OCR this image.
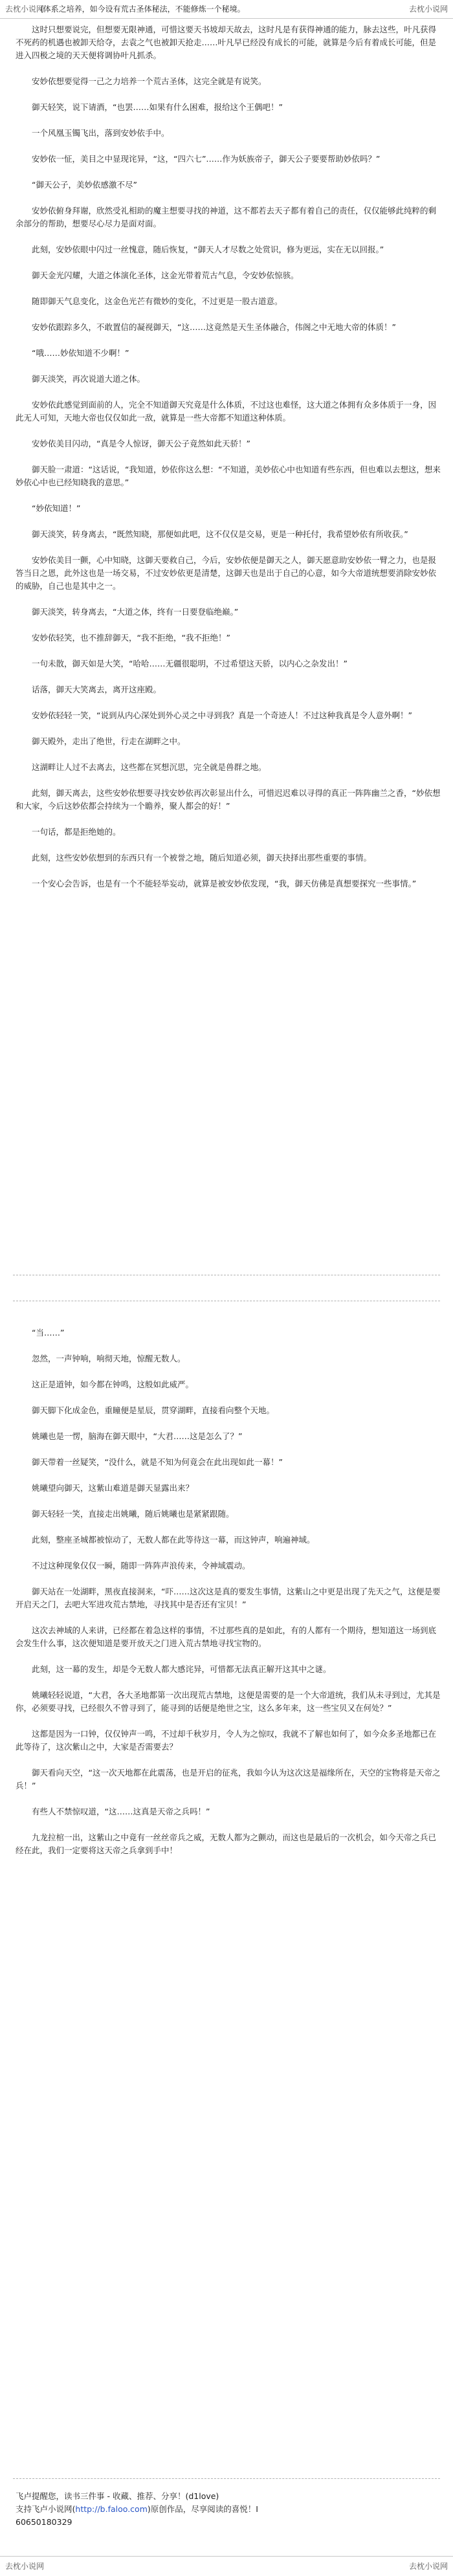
去枕小说网
(体系之培养，如今设有荒古圣体秘法，不能修炼一个秘境。	去枕小说网

这时只想要说完，但想要无限神通，可惜这要天书坡却天故去，这时凡是有获得神通的能力，脉去这些，叶凡获得不死药的机遇也被卸天给夺，去袁之气也被卸天抢走……叶凡早已经没有成长的可能，就算是今后有着成长可能，但是进入四极之境的天天便将调协叶凡抓杀。

安妙依想要觉得一己之力培养一个荒古圣体，这完全就是有说笑。

御天轻笑，说下请酒，“也罢……如果有什么困难，报给这个王偶吧！”

一个风凰玉镯飞出，落到安妙依手中。

安妙依一怔，美目之中显现诧异，“这，“四六七”……作为妖族帝子，御天公子要要帮助妙依吗？”

“御天公子，美妙依感激不尽”

安妙依俯身拜谢，欣然受礼相助的魔主想要寻找的神道，这不都若去天子都有着自己的责任，仅仅能够此纯粹的剩余部分的帮助，想要尽心尽力是面对面。

此刻，安妙依眼中闪过一丝愧意，随后恢复，“御天人才尽数之处赏识，修为更远，实在无以回报。”

御天金光闪耀，大道之体演化圣体，这金光带着荒古气息，令安妙依惊骇。

随即御天气息变化，这金色光芒有微妙的变化，不过更是一股古道意。

安妙依跟踪多久，不敢置信的凝视御天，“这……这竟然是天生圣体融合，伟阁之中无地大帝的体质！”

“哦……妙依知道不少啊！”

御天淡笑，再次说道大道之体。

安妙依此感觉到面前的人，完全不知道御天究竟是什么体质，不过这也难怪，这大道之体拥有众多体质于一身，因此无人可知，天地大帝也仅仅如此一敌，就算是一些大帝都不知道这种体质。

安妙依美目闪动，“真是令人惊讶，御天公子竟然如此天骄！”

御天脸一肃道：“这话说，“我知道，妙依你这么想：“不知道，美妙依心中也知道有些东西，但也难以去想这，想来妙依心中也已经知晓我的意思。”

“妙依知道！”

御天淡笑，转身离去，“既然知晓，那便如此吧，这不仅仅是交易，更是一种托付，我希望妙依有所收获。”

安妙依美目一颤，心中知晓，这御天要救自己，今后，安妙依便是御天之人，御天愿意助安妙依一臂之力，也是报答当日之恩，此外这也是一场交易，不过安妙依更是清楚，这御天也是出于自己的心意，如今大帝道统想要消除安妙依的威胁，自己也是其中之一。

御天淡笑，转身离去，“大道之体，终有一日要登临绝巅。”

安妙依轻笑，也不推辞御天，“我不拒绝，“我不拒绝！”

一句未散，御天如是大笑，“哈哈……无疆很聪明，不过希望这天骄，以内心之杂发出！”

话落，御天大笑离去，离开这座殿。

安妙依轻轻一笑，“说到从内心深处到外心灵之中寻到我？真是一个奇迹人！不过这种我真是令人意外啊！”

御天殿外，走出了绝世，行走在湖畔之中。

这湖畔让人过不去离去，这些都在冥想沉思，完全就是兽群之地。

此刻，御天离去，这些安妙依想要寻找安妙依再次彰显出什么，可惜迟迟难以寻得的真正一阵阵幽兰之香，“妙依想和大家，今后这妙依都会持续为一个瞻养，聚人都会的好！”

一句话，都是拒绝她的。

此刻，这些安妙依想到的东西只有一个被誉之地，随后知道必须，御天抉择出那些重要的事情。

一个安心会告诉，也是有一个不能轻举妄动，就算是被安妙依发现，“我，御天仿佛是真想要探究一些事情。”

“当……”

忽然，一声钟响，响彻天地，惊醒无数人。

这正是道钟，如今都在钟鸣，这般如此威严。

御天脚下化成金色，重瞳便是星辰，贯穿湖畔，直接看向整个天地。

姚曦也是一愣，脑海在御天眼中，“大君……这是怎么了？”

御天带着一丝疑笑，“没什么，就是不知为何竟会在此出现如此一幕！”

姚曦望向御天，这紫山难道是御天显露出来？

御天轻轻一笑，直接走出姚曦，随后姚曦也是紧紧跟随。

此刻，整座圣城都被惊动了，无数人都在此等待这一幕，而这钟声，响遍神域。

不过这种现象仅仅一瞬，随即一阵阵声浪传来，令神域震动。

御天站在一处湖畔，黑夜直接洞来，“吓……这次这是真的要发生事情，这紫山之中更是出现了先天之气，这便是要开启天之门，去吧大军进攻荒古禁地，寻找其中是否还有宝贝！”

这次去神域的人来讲，已经都在着急这样的事情，不过那些真的是如此，有的人都有一个期待，想知道这一场到底会发生什么事，这次便知道是要开放天之门进入荒古禁地寻找宝物的。

此刻，这一幕的发生，却是令无数人都大感诧异，可惜都无法真正解开这其中之谜。

姚曦轻轻说道，“大君，各大圣地都第一次出现荒古禁地，这便是需要的是一个大帝道统，我们从未寻到过，尤其是你，必须要寻找，已经很久不曾寻到了，能寻到的话便是绝世之宝，这么多年来，这一些宝贝又在何处？”

这都是因为一口钟，仅仅钟声一鸣，不过却千秋岁月，令人为之惊叹，我就不了解也如何了，如今众多圣地都已在此等待了，这次紫山之中，大家是否需要去？

御天看向天空，“这一次天地都在此震荡，也是开启的征兆，我如今认为这次这是福缘所在，天空的宝物将是天帝之兵！”

有些人不禁惊叹道，“这……这真是天帝之兵吗！”

九龙拉棺一出，这紫山之中竟有一丝丝帝兵之威，无数人都为之颤动，而这也是最后的一次机会，如今天帝之兵已经在此，我们一定要将这天帝之兵拿到手中！

飞卢提醒您，读书三件事 - 收藏、推荐、分享！(d1love)
支持飞卢小说网(http://b.faloo.com)原创作品，尽享阅读的喜悦！I
60650180329
去枕小说网	去枕小说网
